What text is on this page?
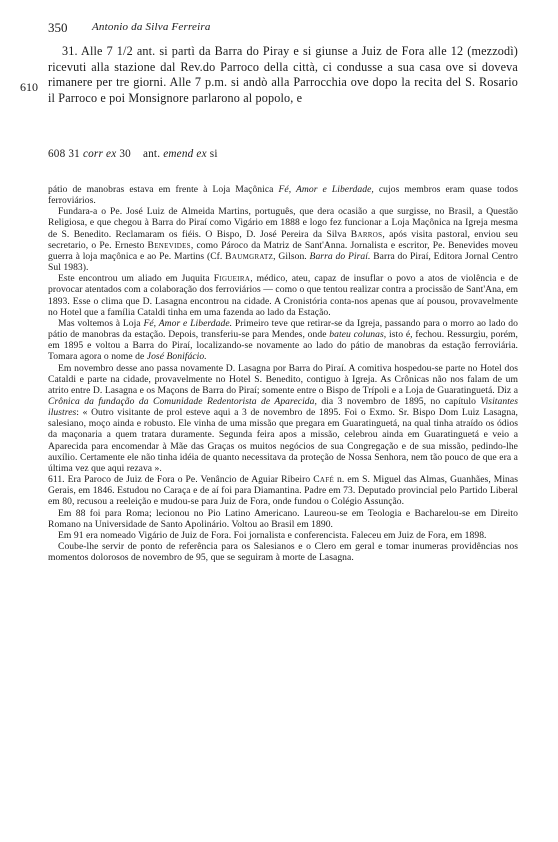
350 Antonio da Silva Ferreira
610

31. Alle 7 1/2 ant. si partì da Barra do Piray e si giunse a Juiz de Fora alle 12 (mezzodì) ricevuti alla stazione dal Rev.do Parroco della città, ci condusse a sua casa ove si doveva rimanere per tre giorni. Alle 7 p.m. si andò alla Parrocchia ove dopo la recita del S. Rosario il Parroco e poi Monsignore parlarono al popolo, e

608 31 corr ex 30 ant. emend ex si

pátio de manobras estava em frente à Loja Maçônica Fé, Amor e Liberdade, cujos membros eram quase todos ferroviários.

Fundara-a o Pe. José Luiz de Almeida Martins, português, que dera ocasião a que surgisse, no Brasil, a Questão Religiosa, e que chegou à Barra do Piraí como Vigário em 1888 e logo fez funcionar a Loja Maçônica na Igreja mesma de S. Benedito. Reclamaram os fiéis. O Bispo, D. José Pereira da Silva Barros, após visita pastoral, enviou seu secretario, o Pe. Ernesto Benevides, como Pároco da Matriz de Sant'Anna. Jornalista e escritor, Pe. Benevides moveu guerra à loja maçônica e ao Pe. Martins (Cf. Baumgratz, Gilson. Barra do Piraí. Barra do Piraí, Editora Jornal Centro Sul 1983).

Este encontrou um aliado em Juquita Figueira, médico, ateu, capaz de insuflar o povo a atos de violência e de provocar atentados com a colaboração dos ferroviários — como o que tentou realizar contra a procissão de Sant'Ana, em 1893. Esse o clima que D. Lasagna encontrou na cidade. A Cronistória conta-nos apenas que aí pousou, provavelmente no Hotel que a família Cataldi tinha em uma fazenda ao lado da Estação.

Mas voltemos à Loja Fé, Amor e Liberdade. Primeiro teve que retirar-se da Igreja, passando para o morro ao lado do pátio de manobras da estação. Depois, transferiu-se para Mendes, onde bateu colunas, isto é, fechou. Ressurgiu, porém, em 1895 e voltou a Barra do Piraí, localizando-se novamente ao lado do pátio de manobras da estação ferroviária. Tomara agora o nome de José Bonifácio.

Em novembro desse ano passa novamente D. Lasagna por Barra do Piraí. A comitiva hospedou-se parte no Hotel dos Cataldi e parte na cidade, provavelmente no Hotel S. Benedito, contiguo à Igreja. As Crônicas não nos falam de um atrito entre D. Lasagna e os Maçons de Barra do Piraí; somente entre o Bispo de Trípoli e a Loja de Guaratinguetá. Diz a Crônica da fundação da Comunidade Redentorista de Aparecida, dia 3 novembro de 1895, no capítulo Visitantes ilustres: « Outro visitante de prol esteve aqui a 3 de novembro de 1895. Foi o Exmo. Sr. Bispo Dom Luiz Lasagna, salesiano, moço ainda e robusto. Ele vinha de uma missão que pregara em Guaratinguetá, na qual tinha atraído os ódios da maçonaria a quem tratara duramente. Segunda feira apos a missão, celebrou ainda em Guaratinguetá e veio a Aparecida para encomendar à Mãe das Graças os muitos negócios de sua Congregação e de sua missão, pedindo-lhe auxílio. Certamente ele não tinha idéia de quanto necessitava da proteção de Nossa Senhora, nem tão pouco de que era a última vez que aqui rezava ».

611. Era Paroco de Juiz de Fora o Pe. Venâncio de Aguiar Ribeiro Café n. em S. Miguel das Almas, Guanhães, Minas Gerais, em 1846. Estudou no Caraça e de aí foi para Diamantina. Padre em 73. Deputado provincial pelo Partido Liberal em 80, recusou a reeleição e mudou-se para Juiz de Fora, onde fundou o Colégio Assunção.

Em 88 foi para Roma; lecionou no Pio Latino Americano. Laureou-se em Teologia e Bacharelou-se em Direito Romano na Universidade de Santo Apolinário. Voltou ao Brasil em 1890.

Em 91 era nomeado Vigário de Juiz de Fora. Foi jornalista e conferencista. Faleceu em Juiz de Fora, em 1898.

Coube-lhe servir de ponto de referência para os Salesianos e o Clero em geral e tomar inumeras providências nos momentos dolorosos de novembro de 95, que se seguiram à morte de Lasagna.
